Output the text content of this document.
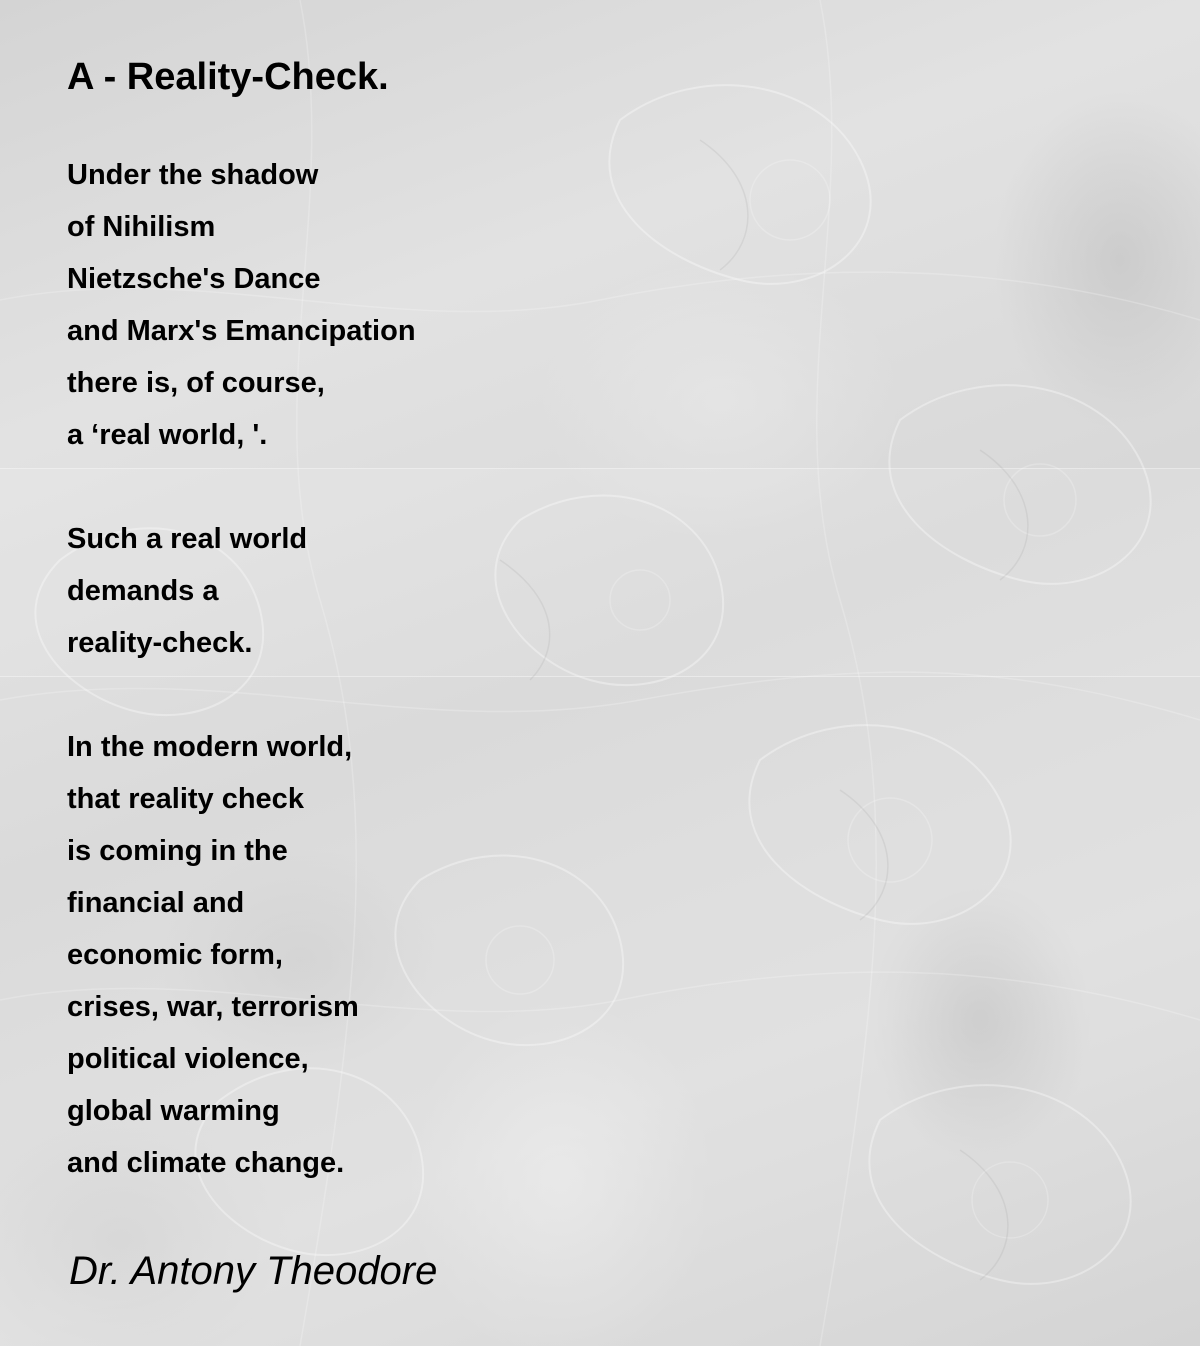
A - Reality-Check.
Under the shadow
of Nihilism
Nietzsche's Dance
and Marx's Emancipation
there is, of course,
a ‘real world, '.
Such a real world
demands a
reality-check.
In the modern world,
that reality check
is coming in the
financial and
economic form,
crises, war, terrorism
political violence,
global warming
and climate change.

Dr. Antony Theodore
